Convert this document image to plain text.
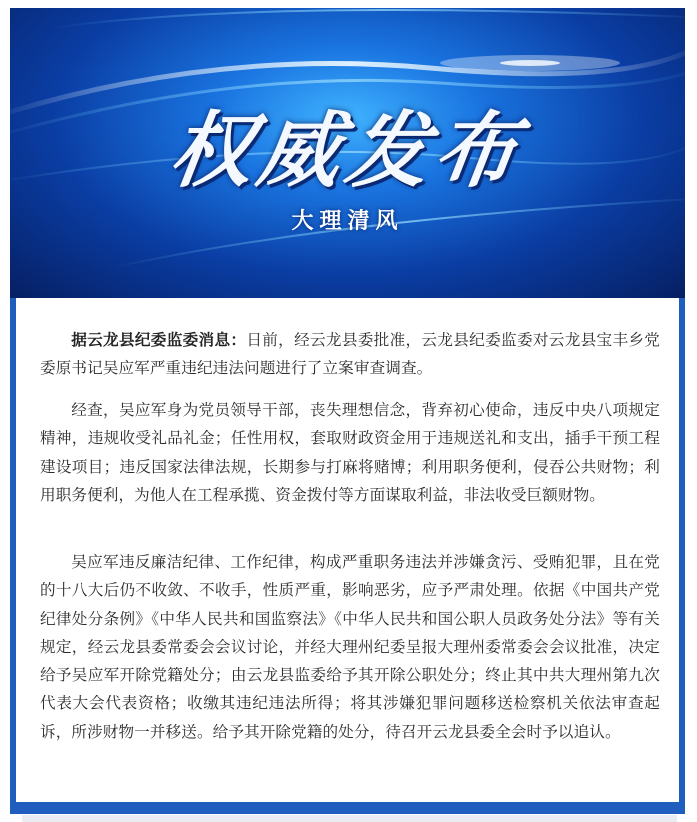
权威发布
大理清风

据云龙县纪委监委消息：日前，经云龙县委批准，云龙县纪委监委对云龙县宝丰乡党委原书记吴应军严重违纪违法问题进行了立案审查调查。

经查，吴应军身为党员领导干部，丧失理想信念，背弃初心使命，违反中央八项规定精神，违规收受礼品礼金；任性用权，套取财政资金用于违规送礼和支出，插手干预工程建设项目；违反国家法律法规，长期参与打麻将赌博；利用职务便利，侵吞公共财物；利用职务便利，为他人在工程承揽、资金拨付等方面谋取利益，非法收受巨额财物。

吴应军违反廉洁纪律、工作纪律，构成严重职务违法并涉嫌贪污、受贿犯罪，且在党的十八大后仍不收敛、不收手，性质严重，影响恶劣，应予严肃处理。依据《中国共产党纪律处分条例》《中华人民共和国监察法》《中华人民共和国公职人员政务处分法》等有关规定，经云龙县委常委会会议讨论，并经大理州纪委呈报大理州委常委会会议批准，决定给予吴应军开除党籍处分；由云龙县监委给予其开除公职处分；终止其中共大理州第九次代表大会代表资格；收缴其违纪违法所得；将其涉嫌犯罪问题移送检察机关依法审查起诉，所涉财物一并移送。给予其开除党籍的处分，待召开云龙县委全会时予以追认。
